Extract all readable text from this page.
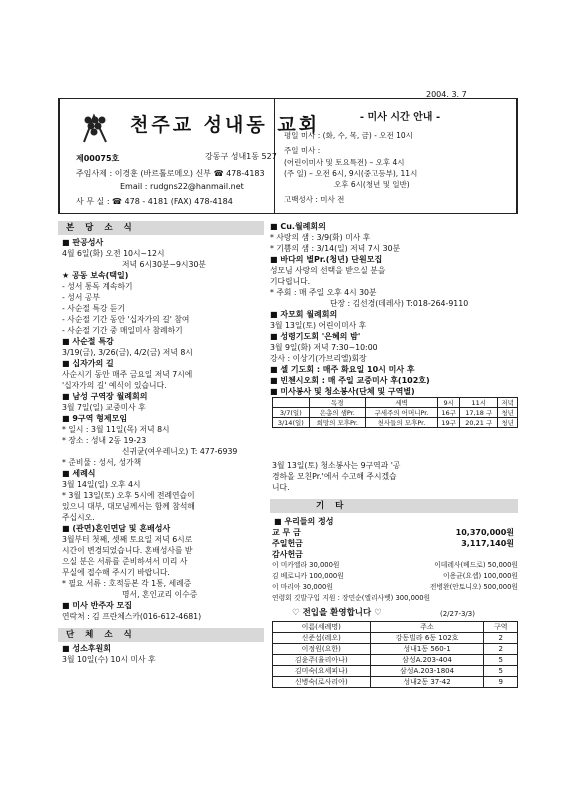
2004. 3. 7
천주교 성내동 교회
제00075호	강동구 성내1동 527
주임사제 : 이경훈 (바르톨로메오) 신부 ☎ 478-4183
Email : rudgns22@hanmail.net
사 무 실 : ☎ 478 - 4181 (FAX) 478-4184
- 미사 시간 안내 -
평일 미사 : (화, 수, 목, 금) - 오전 10시
주일 미사 :
(어린이미사 및 토요특전) – 오후 4시
(주 일) – 오전 6시, 9시(중고등부), 11시
오후 6시(청년 및 일반)
고백성사 : 미사 전
본 당 소 식
■ 판공성사
4월 6일(화) 오전 10시~12시
저녁 6시30분~9시30분
★ 공동 보속(택일)
- 성서 통독 계속하기
- 성서 공부
- 사순절 특강 듣기
- 사순절 기간 동안 '십자가의 길' 참여
- 사순절 기간 중 매일미사 참례하기
■ 사순절 특강
3/19(금), 3/26(금), 4/2(금) 저녁 8시
■ 십자가의 길
사순시기 동안 매주 금요일 저녁 7시에
'십자가의 길' 예식이 있습니다.
■ 남성 구역장 월례회의
3월 7일(일) 교중미사 후
■ 9구역 형제모임
* 일시 : 3월 11일(목) 저녁 8시
* 장소 : 성내 2동 19-23
신귀균(여우레니오) T: 477-6939
* 준비물 : 성서, 성가책
■ 세례식
3월 14일(일) 오후 4시
* 3월 13일(토) 오후 5시에 전례연습이
있으니 대부, 대모님께서는 함께 참석해
주십시오.
■ (관면)혼인면담 및 혼배성사
3월부터 첫째, 셋째 토요일 저녁 6시로
시간이 변경되었습니다. 혼배성사를 받
으실 분은 서류를 준비하셔서 미리 사
무실에 접수해 주시기 바랍니다.
* 필요 서류 : 호적등본 각 1통, 세례증
명서, 혼인교리 이수증
■ 미사 반주자 모집
연락처 : 김 프란체스카(016-612-4681)
단 체 소 식
■ 성소후원회
3월 10일(수) 10시 미사 후
■ Cu.월례회의
* 사랑의 샘 : 3/9(화) 미사 후
* 기쁨의 샘 : 3/14(일) 저녁 7시 30분
■ 바다의 별Pr.(청년) 단원모집
성모님 사랑의 선택을 받으실 분을
기다립니다.
* 주회 : 매 주일 오후 4시 30분
단장 : 김선경(데레사) T:018-264-9110
■ 자모회 월례회의
3월 13일(토) 어린이미사 후
■ 성령기도회 '은혜의 밤'
3월 9일(화) 저녁 7:30~10:00
강사 : 이상기(가브리엘)회장
■ 셀 기도회 : 매주 화요일 10시 미사 후
■ 빈첸시오회 : 매 주일 교중미사 후(102호)
■ 미사봉사 및 청소봉사(단체 및 구역별)
	독경	세벽	9시	11시	저녁
3/7(일)	은총의 샘Pr.	구세주의 어머니Pr.	16구	17,18 구	청년
3/14(일)	희망의 모후Pr.	천사들의 모후Pr.	19구	20,21 구	청년
3월 13일(토) 청소봉사는 9구역과 '공
경하올 모친Pr.'에서 수고해 주시겠습
니다.
기 타
■ 우리들의 정성
교 무 금	10,370,000원
주일헌금	3,117,140원
감사헌금
이 미카엘라 30,000원	이데레사(베드로) 50,000원
김 베로니카 100,000원	이용균(요셉) 100,000원
이 마리아 30,000원	전병완(안토니오) 500,000원
연령회 깃발구입 지원 : 장민순(엘리사벳) 300,000원
♡ 전입을 환영합니다 ♡	(2/27-3/3)
이름(세례명)	주소	구역
신준섭(레오)	강동빌라 6동 102호	2
이정원(요한)	성내1동 560-1	2
김윤주(율리아나)	삼성A.203-404	5
김미숙(요세피나)	삼성A.203-1804	5
신병숙(로사리아)	성내2동 37-42	9
